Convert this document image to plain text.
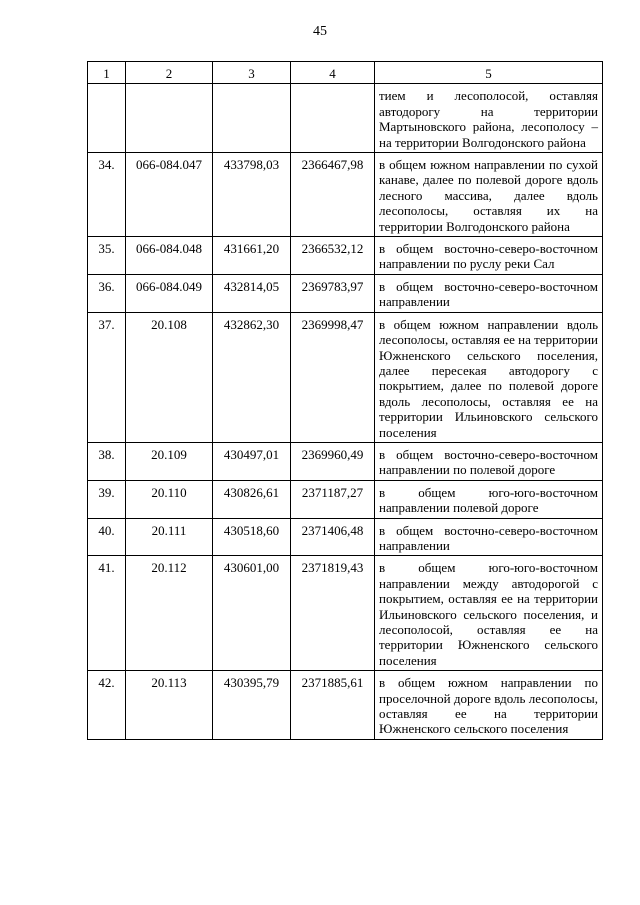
45
1	2	3	4	5
				тием и лесополосой, оставляя автодорогу на территории Мартыновского района, лесополосу – на территории Волгодонского района
34.	066-084.047	433798,03	2366467,98	в общем южном направлении по сухой канаве, далее по полевой дороге вдоль лесного массива, далее вдоль лесополосы, оставляя их на территории Волгодонского района
35.	066-084.048	431661,20	2366532,12	в общем восточно-северо-восточном направлении по руслу реки Сал
36.	066-084.049	432814,05	2369783,97	в общем восточно-северо-восточном направлении
37.	20.108	432862,30	2369998,47	в общем южном направлении вдоль лесополосы, оставляя ее на территории Южненского сельского поселения, далее пересекая автодорогу с покрытием, далее по полевой дороге вдоль лесополосы, оставляя ее на территории Ильиновского сельского поселения
38.	20.109	430497,01	2369960,49	в общем восточно-северо-восточном направлении по полевой дороге
39.	20.110	430826,61	2371187,27	в общем юго-юго-восточном направлении полевой дороге
40.	20.111	430518,60	2371406,48	в общем восточно-северо-восточном направлении
41.	20.112	430601,00	2371819,43	в общем юго-юго-восточном направлении между автодорогой с покрытием, оставляя ее на территории Ильиновского сельского поселения, и лесополосой, оставляя ее на территории Южненского сельского поселения
42.	20.113	430395,79	2371885,61	в общем южном направлении по проселочной дороге вдоль лесополосы, оставляя ее на территории Южненского сельского поселения
